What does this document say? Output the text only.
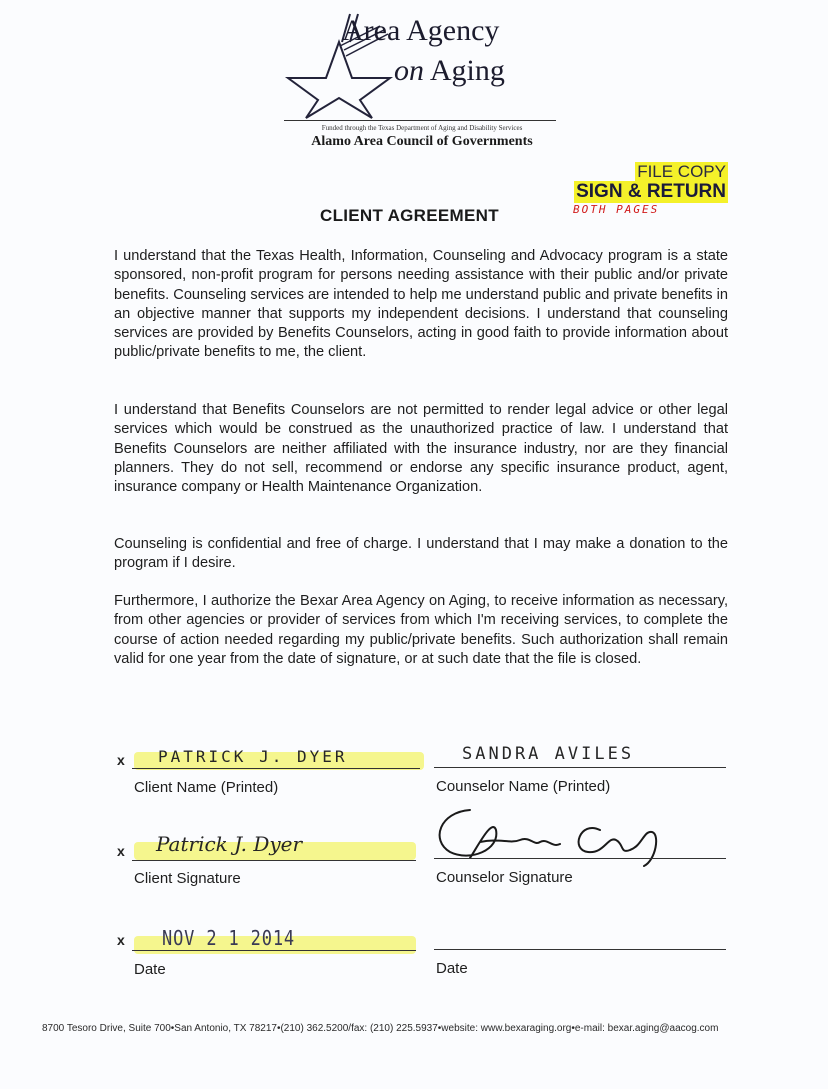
Area Agency
on Aging
Funded through the Texas Department of Aging and Disability Services
Alamo Area Council of Governments
FILE COPY
SIGN & RETURN
BOTH PAGES
CLIENT AGREEMENT
I understand that the Texas Health, Information, Counseling and Advocacy program is a state sponsored, non-profit program for persons needing assistance with their public and/or private benefits. Counseling services are intended to help me understand public and private benefits in an objective manner that supports my independent decisions. I understand that counseling services are provided by Benefits Counselors, acting in good faith to provide information about public/private benefits to me, the client.
I understand that Benefits Counselors are not permitted to render legal advice or other legal services which would be construed as the unauthorized practice of law. I understand that Benefits Counselors are neither affiliated with the insurance industry, nor are they financial planners. They do not sell, recommend or endorse any specific insurance product, agent, insurance company or Health Maintenance Organization.
Counseling is confidential and free of charge. I understand that I may make a donation to the program if I desire.
Furthermore, I authorize the Bexar Area Agency on Aging, to receive information as necessary, from other agencies or provider of services from which I'm receiving services, to complete the course of action needed regarding my public/private benefits. Such authorization shall remain valid for one year from the date of signature, or at such date that the file is closed.
x PATRICK J. DYER
Client Name (Printed)
SANDRA AVILES
Counselor Name (Printed)
x Patrick J. Dyer
Client Signature	Counselor Signature
x NOV 2 1 2014
Date	Date
8700 Tesoro Drive, Suite 700•San Antonio, TX 78217•(210) 362.5200/fax: (210) 225.5937•website: www.bexaraging.org•e-mail: bexar.aging@aacog.com
